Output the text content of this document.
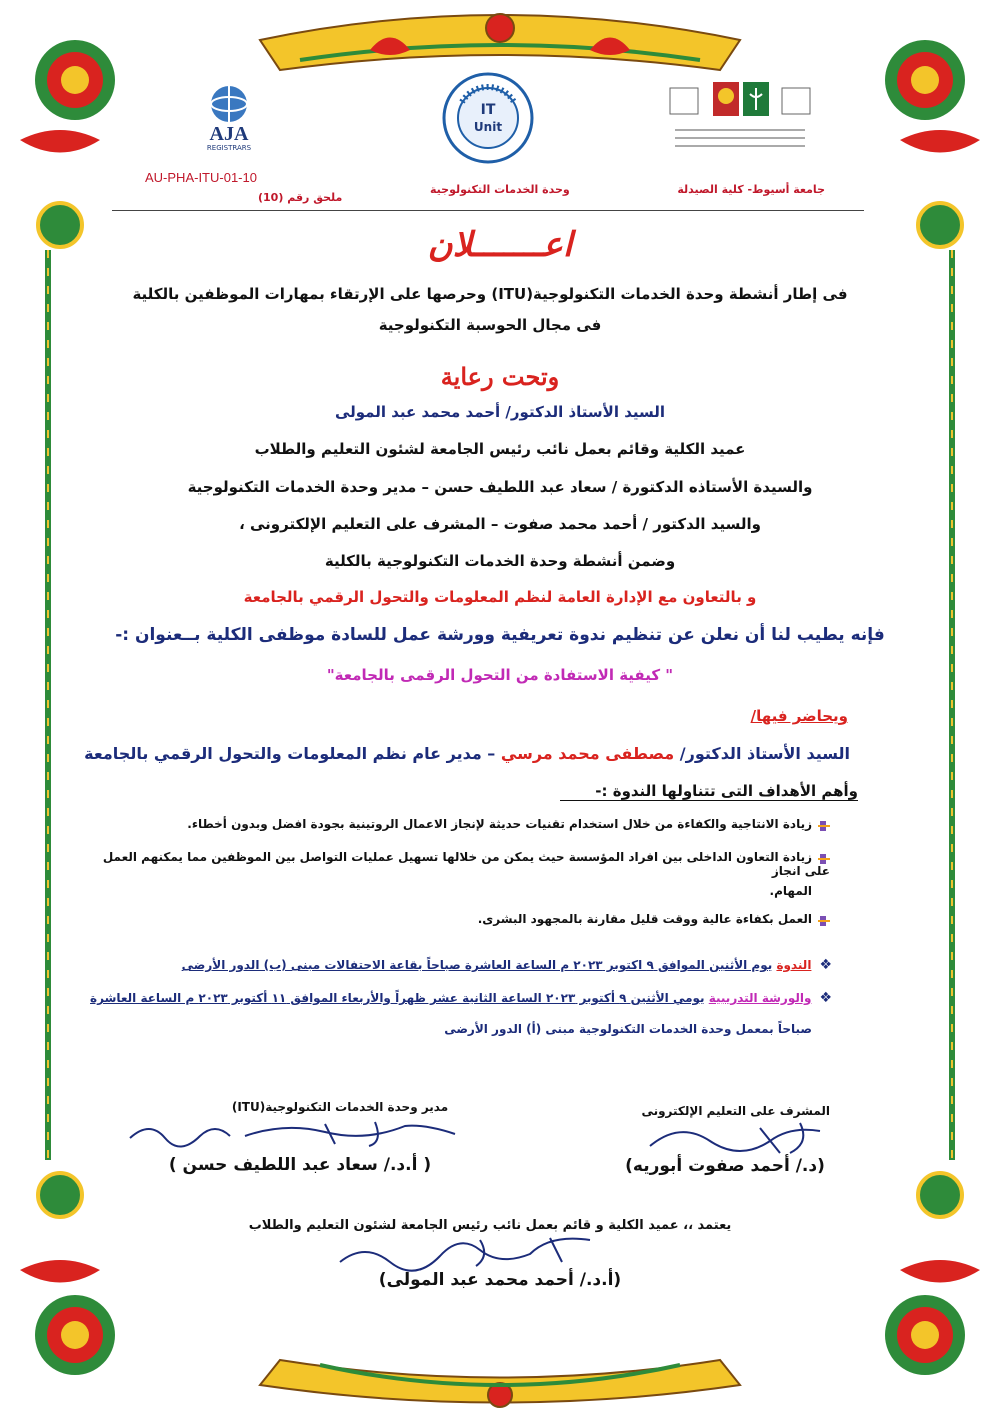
AJA
REGISTRARS
IT
Unit
AU-PHA-ITU-01-10
ملحق رقم (10)
وحدة الخدمات التكنولوجية	جامعة أسيوط- كلية الصيدلة
اعـــــــلان
فى إطار أنشطة وحدة الخدمات التكنولوجية(ITU) وحرصها على الإرتقاء بمهارات الموظفين بالكلية
فى مجال الحوسبة التكنولوجية
وتحت رعاية
السيد الأستاذ الدكتور/ أحمد محمد عبد المولى
عميد الكلية وقائم بعمل نائب رئيس الجامعة لشئون التعليم والطلاب
والسيدة الأستاذه الدكتورة / سعاد عبد اللطيف حسن – مدير وحدة الخدمات التكنولوجية
والسيد الدكتور / أحمد محمد صفوت – المشرف على التعليم الإلكترونى ،
وضمن أنشطة وحدة الخدمات التكنولوجية بالكلية
و بالتعاون مع الإدارة العامة لنظم المعلومات والتحول الرقمي بالجامعة
فإنه يطيب لنا أن نعلن عن تنظيم ندوة تعريفية وورشة عمل للسادة موظفى الكلية بــعنوان :-
" كيفية الاستفادة من التحول الرقمى بالجامعة"
ويحاضر فيها/
السيد الأستاذ الدكتور/ مصطفى محمد مرسي – مدير عام نظم المعلومات والتحول الرقمي بالجامعة
وأهم الأهداف التى تتناولها الندوة :-
زيادة الانتاجية والكفاءة من خلال استخدام تقنيات حديثة لإنجاز الاعمال الروتينية بجودة افضل وبدون أخطاء.
زيادة التعاون الداخلى بين افراد المؤسسة حيث يمكن من خلالها تسهيل عمليات التواصل بين الموظفين مما يمكنهم العمل على انجاز
المهام.
العمل بكفاءة عالية ووقت قليل مقارنة بالمجهود البشرى.
❖الندوة يوم الأثنين الموافق ٩ اكتوبر ٢٠٢٣ م الساعة العاشرة صباحاً بقاعة الاحتفالات مبنى (ب) الدور الأرضى
❖والورشة التدريبية يومي الأثنين ٩ أكتوبر ٢٠٢٣ الساعة الثانية عشر ظهراً والأربعاء الموافق ١١ أكتوبر ٢٠٢٣ م الساعة العاشرة
صباحاً بمعمل وحدة الخدمات التكنولوجية مبنى (أ) الدور الأرضى
المشرف على التعليم الإلكترونى
(د./ أحمد صفوت أبوريه)
مدير وحدة الخدمات التكنولوجية(ITU)
( أ.د./ سعاد عبد اللطيف حسن )
يعتمد ،، عميد الكلية و قائم بعمل نائب رئيس الجامعة لشئون التعليم والطلاب
(أ.د./ أحمد محمد عبد المولى)
